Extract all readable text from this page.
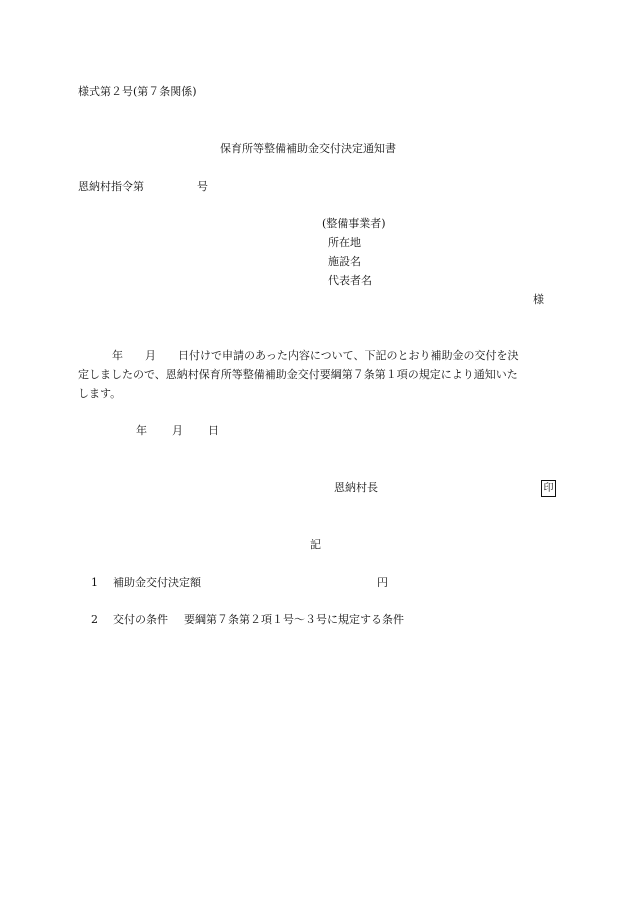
様式第２号(第７条関係)
保育所等整備補助金交付決定通知書
恩納村指令第	号
(整備事業者)
所在地
施設名
代表者名
様
年 月 日付けで申請のあった内容について、下記のとおり補助金の交付を決
定しましたので、恩納村保育所等整備補助金交付要綱第７条第１項の規定により通知いた
します。
年 月 日
恩納村長	印
記
1 補助金交付決定額	円
2 交付の条件 要綱第７条第２項１号〜３号に規定する条件
